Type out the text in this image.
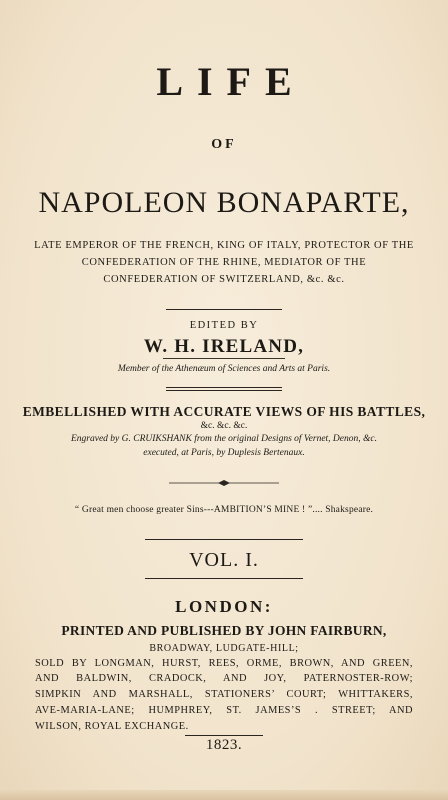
LIFE
OF
NAPOLEON BONAPARTE,
LATE EMPEROR OF THE FRENCH, KING OF ITALY, PROTECTOR OF THE
CONFEDERATION OF THE RHINE, MEDIATOR OF THE
CONFEDERATION OF SWITZERLAND, &c. &c.
EDITED BY
W. H. IRELAND,
Member of the Athenæum of Sciences and Arts at Paris.
EMBELLISHED WITH ACCURATE VIEWS OF HIS BATTLES,
&c. &c. &c.
Engraved by G. CRUIKSHANK from the original Designs of Vernet, Denon, &c.
executed, at Paris, by Duplesis Bertenaux.
“ Great men choose greater Sins---AMBITION’S MINE ! ”.... Shakspeare.
VOL. I.
LONDON:
PRINTED AND PUBLISHED BY JOHN FAIRBURN,
BROADWAY, LUDGATE-HILL;
SOLD BY LONGMAN, HURST, REES, ORME, BROWN, AND GREEN,
AND BALDWIN, CRADOCK, AND JOY, PATERNOSTER-ROW;
SIMPKIN AND MARSHALL, STATIONERS’ COURT; WHITTAKERS,
AVE-MARIA-LANE; HUMPHREY, ST. JAMES’S . STREET; AND
WILSON, ROYAL EXCHANGE.
1823.
